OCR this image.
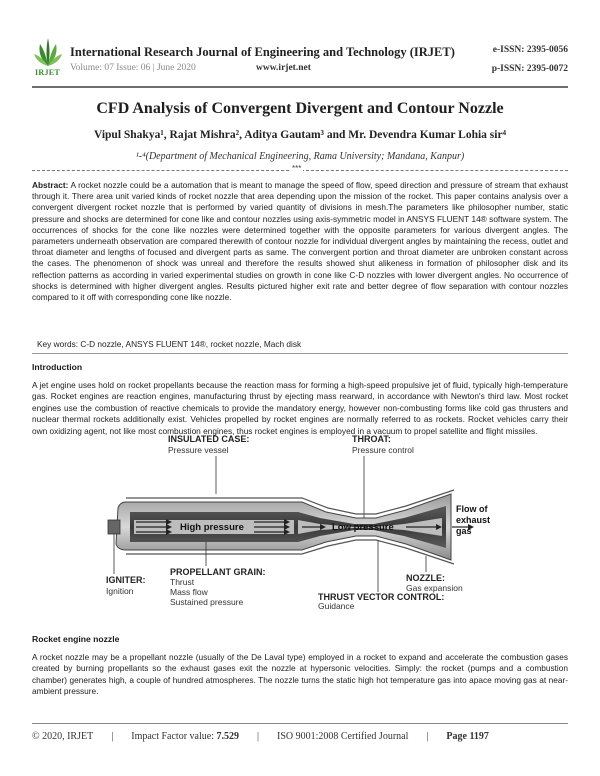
IRJET
International Research Journal of Engineering and Technology (IRJET)
Volume: 07 Issue: 06 | June 2020	www.irjet.net
e-ISSN: 2395-0056
p-ISSN: 2395-0072
CFD Analysis of Convergent Divergent and Contour Nozzle
Vipul Shakya¹, Rajat Mishra², Aditya Gautam³ and Mr. Devendra Kumar Lohia sir⁴
¹-⁴(Department of Mechanical Engineering, Rama University; Mandana, Kanpur)
***
Abstract: A rocket nozzle could be a automation that is meant to manage the speed of flow, speed direction and pressure of stream that exhaust through it. There area unit varied kinds of rocket nozzle that area depending upon the mission of the rocket. This paper contains analysis over a convergent divergent rocket nozzle that is performed by varied quantity of divisions in mesh.The parameters like philosopher number, static pressure and shocks are determined for cone like and contour nozzles using axis-symmetric model in ANSYS FLUENT 14® software system. The occurrences of shocks for the cone like nozzles were determined together with the opposite parameters for various divergent angles. The parameters underneath observation are compared therewith of contour nozzle for individual divergent angles by maintaining the recess, outlet and throat diameter and lengths of focused and divergent parts as same. The convergent portion and throat diameter are unbroken constant across the cases. The phenomenon of shock was unreal and therefore the results showed shut alikeness in formation of philosopher disk and its reflection patterns as according in varied experimental studies on growth in cone like C-D nozzles with lower divergent angles. No occurrence of shocks is determined with higher divergent angles. Results pictured higher exit rate and better degree of flow separation with contour nozzles compared to it off with corresponding cone like nozzle.
Key words: C-D nozzle, ANSYS FLUENT 14®, rocket nozzle, Mach disk
Introduction
A jet engine uses hold on rocket propellants because the reaction mass for forming a high-speed propulsive jet of fluid, typically high-temperature gas. Rocket engines are reaction engines, manufacturing thrust by ejecting mass rearward, in accordance with Newton's third law. Most rocket engines use the combustion of reactive chemicals to provide the mandatory energy, however non-combusting forms like cold gas thrusters and nuclear thermal rockets additionally exist. Vehicles propelled by rocket engines are normally referred to as rockets. Rocket vehicles carry their own oxidizing agent, not like most combustion engines, thus rocket engines is employed in a vacuum to propel satellite and flight missiles.
INSULATED CASE:
Pressure vessel
THROAT:
Pressure control
High pressure	Low pressure
Flow of
exhaust
gas
IGNITER:
Ignition
PROPELLANT GRAIN:
Thrust
Mass flow
Sustained pressure
NOZZLE:
Gas expansion
THRUST VECTOR CONTROL:
Guidance
Rocket engine nozzle
A rocket nozzle may be a propellant nozzle (usually of the De Laval type) employed in a rocket to expand and accelerate the combustion gases created by burning propellants so the exhaust gases exit the nozzle at hypersonic velocities. Simply: the rocket (pumps and a combustion chamber) generates high, a couple of hundred atmospheres. The nozzle turns the static high hot temperature gas into apace moving gas at near-ambient pressure.
© 2020, IRJET | Impact Factor value: 7.529 | ISO 9001:2008 Certified Journal | Page 1197
